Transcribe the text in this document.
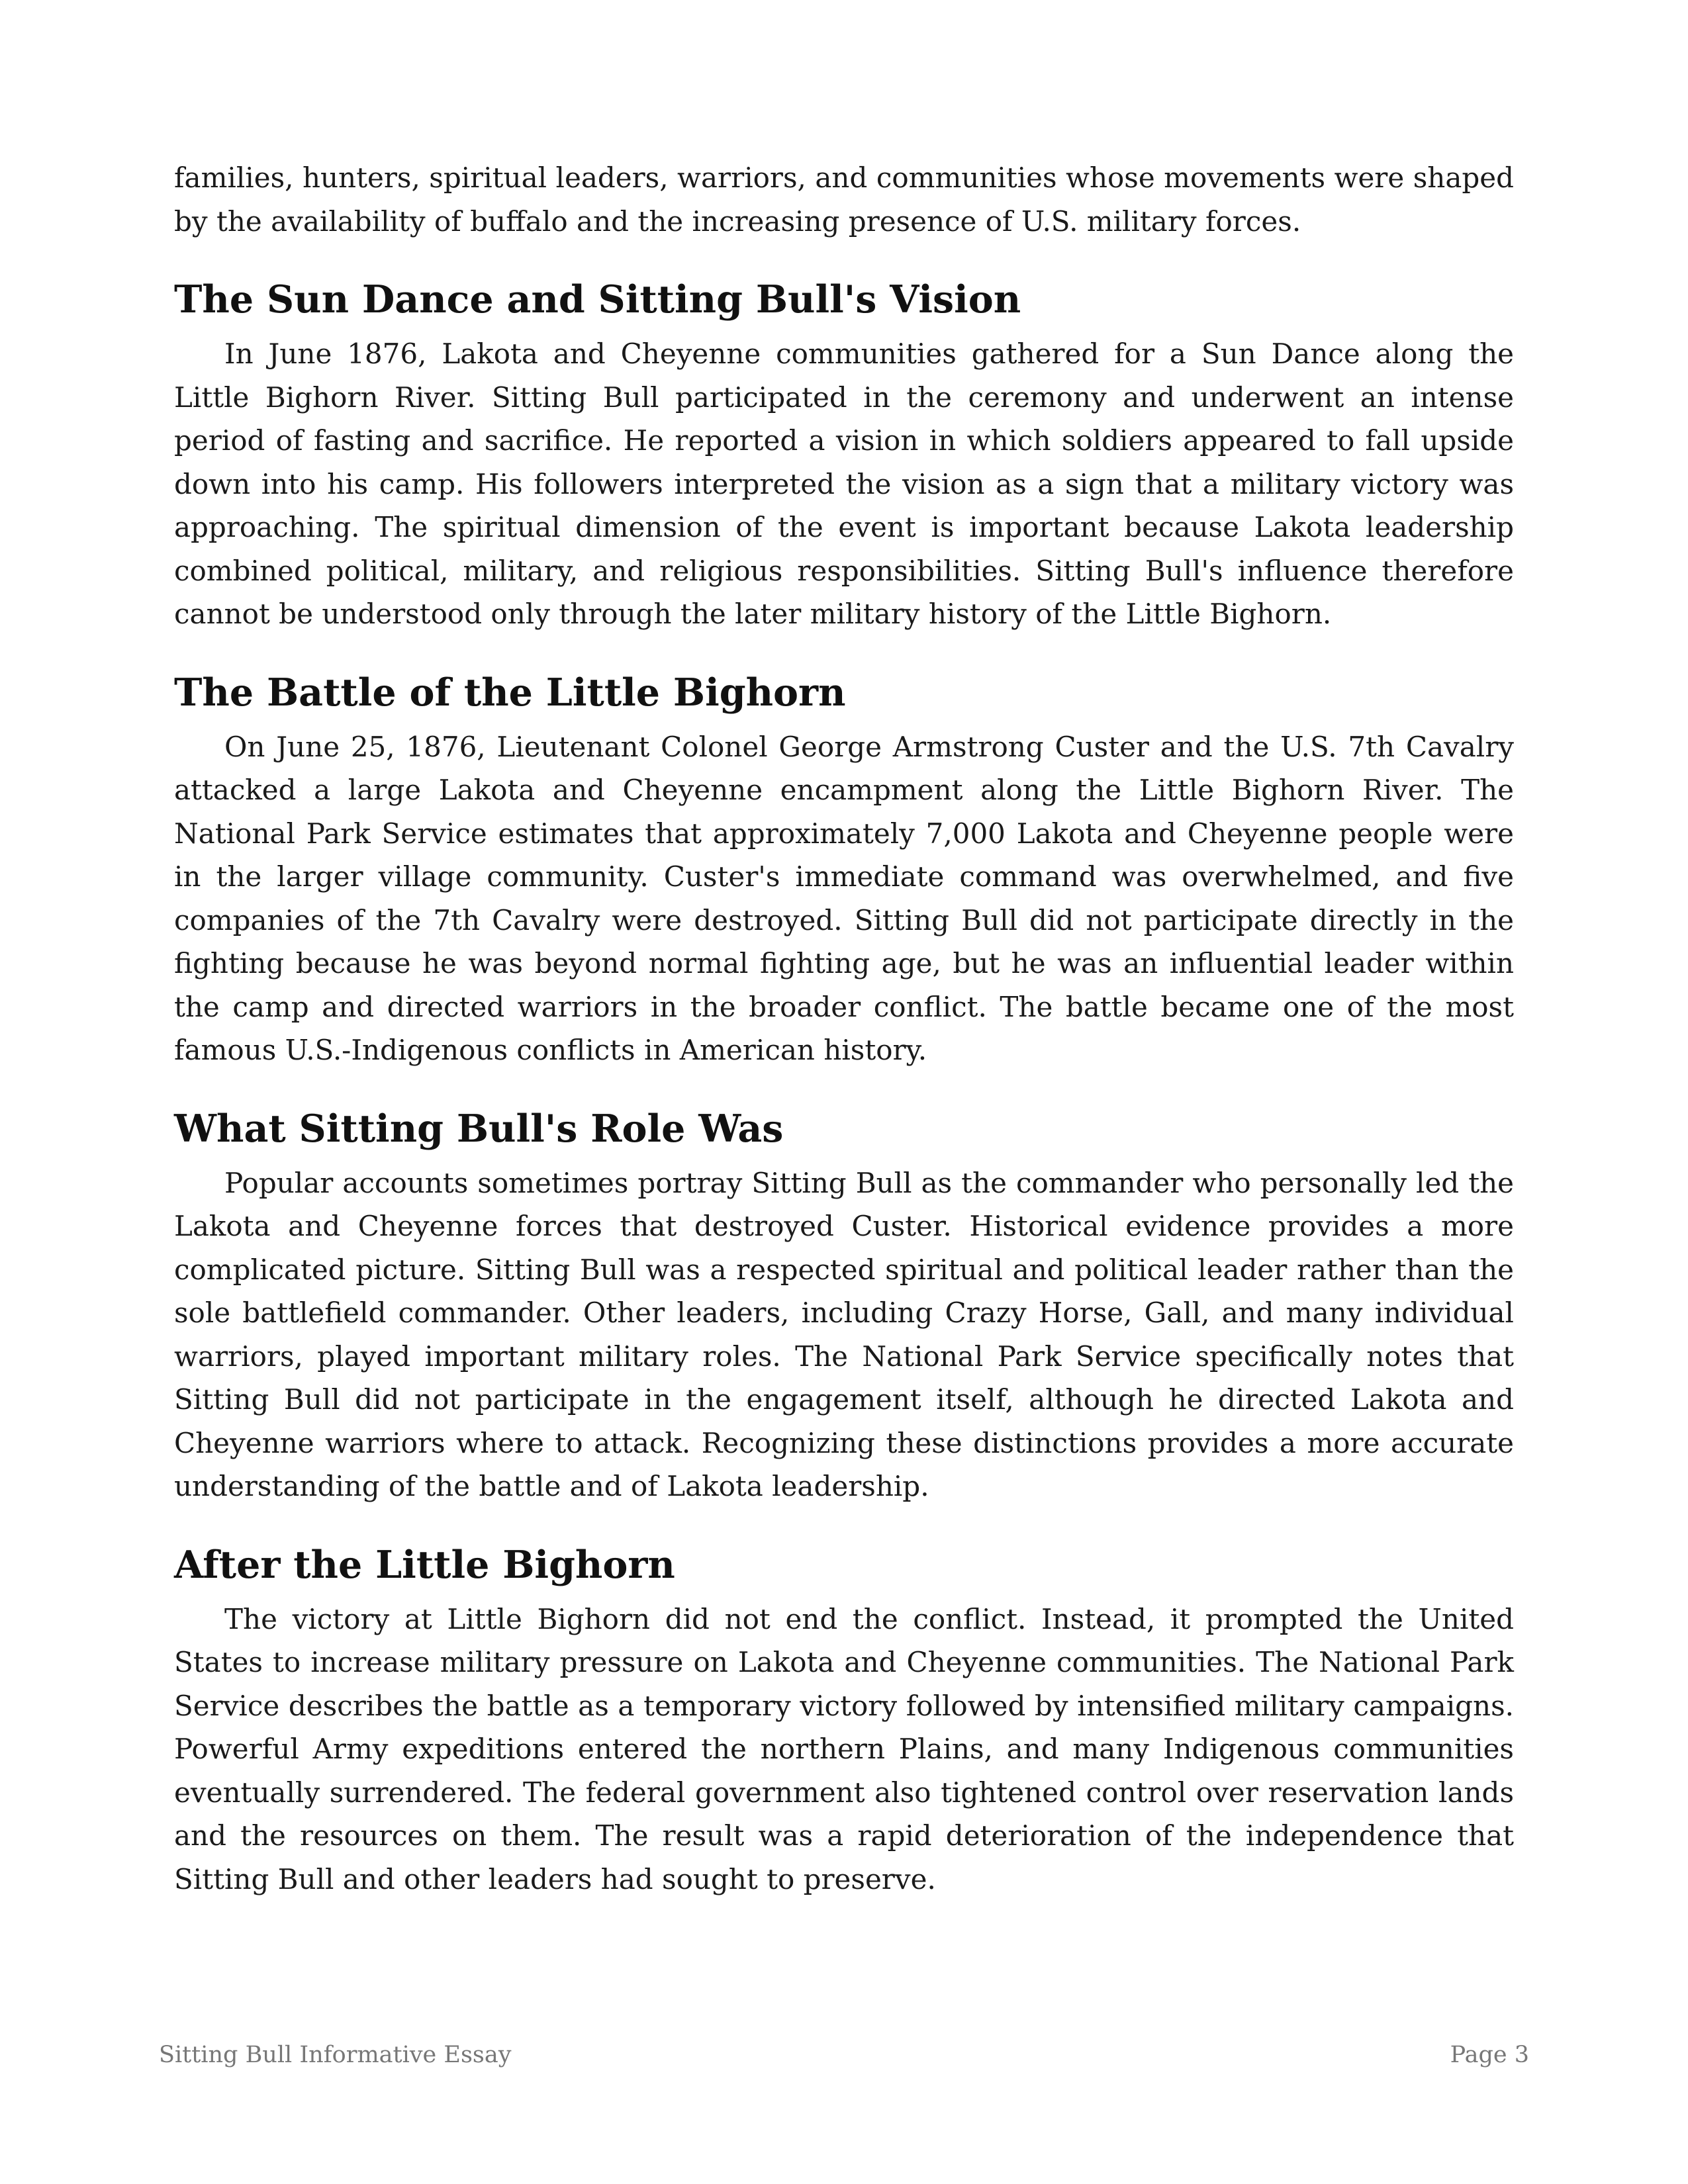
families, hunters, spiritual leaders, warriors, and communities whose movements were shaped by the availability of buffalo and the increasing presence of U.S. military forces.

The Sun Dance and Sitting Bull's Vision

In June 1876, Lakota and Cheyenne communities gathered for a Sun Dance along the Little Bighorn River. Sitting Bull participated in the ceremony and underwent an intense period of fasting and sacrifice. He reported a vision in which soldiers appeared to fall upside down into his camp. His followers interpreted the vision as a sign that a military victory was approaching. The spiritual dimension of the event is important because Lakota leadership combined political, military, and religious responsibilities. Sitting Bull's influence therefore cannot be understood only through the later military history of the Little Bighorn.

The Battle of the Little Bighorn

On June 25, 1876, Lieutenant Colonel George Armstrong Custer and the U.S. 7th Cavalry attacked a large Lakota and Cheyenne encampment along the Little Bighorn River. The National Park Service estimates that approximately 7,000 Lakota and Cheyenne people were in the larger village community. Custer's immediate command was overwhelmed, and five companies of the 7th Cavalry were destroyed. Sitting Bull did not participate directly in the fighting because he was beyond normal fighting age, but he was an influential leader within the camp and directed warriors in the broader conflict. The battle became one of the most famous U.S.-Indigenous conflicts in American history.

What Sitting Bull's Role Was

Popular accounts sometimes portray Sitting Bull as the commander who personally led the Lakota and Cheyenne forces that destroyed Custer. Historical evidence provides a more complicated picture. Sitting Bull was a respected spiritual and political leader rather than the sole battlefield commander. Other leaders, including Crazy Horse, Gall, and many individual warriors, played important military roles. The National Park Service specifically notes that Sitting Bull did not participate in the engagement itself, although he directed Lakota and Cheyenne warriors where to attack. Recognizing these distinctions provides a more accurate understanding of the battle and of Lakota leadership.

After the Little Bighorn

The victory at Little Bighorn did not end the conflict. Instead, it prompted the United States to increase military pressure on Lakota and Cheyenne communities. The National Park Service describes the battle as a temporary victory followed by intensified military campaigns. Powerful Army expeditions entered the northern Plains, and many Indigenous communities eventually surrendered. The federal government also tightened control over reservation lands and the resources on them. The result was a rapid deterioration of the independence that Sitting Bull and other leaders had sought to preserve.

Sitting Bull Informative Essay	Page 3
